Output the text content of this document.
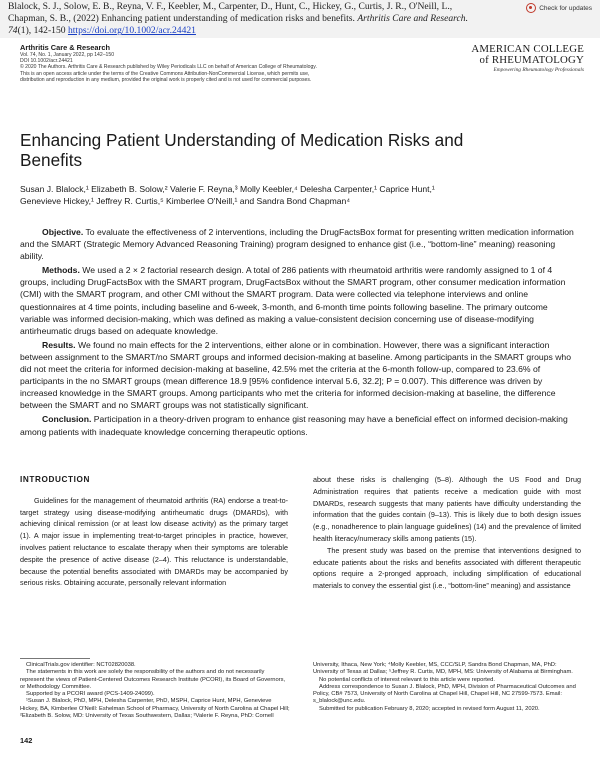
Blalock, S. J., Solow, E. B., Reyna, V. F., Keebler, M., Carpenter, D., Hunt, C., Hickey, G., Curtis, J. R., O'Neill, L.,
Chapman, S. B., (2022) Enhancing patient understanding of medication risks and benefits. Arthritis Care and Research.
74(1), 142-150 https://doi.org/10.1002/acr.24421
Check for updates
Arthritis Care & Research
Vol. 74, No. 1, January 2022, pp 142–150
DOI 10.1002/acr.24421
© 2020 The Authors. Arthritis Care & Research published by Wiley Periodicals LLC on behalf of American College of Rheumatology.
This is an open access article under the terms of the Creative Commons Attribution-NonCommercial License, which permits use,
distribution and reproduction in any medium, provided the original work is properly cited and is not used for commercial purposes.
AMERICAN COLLEGE
of RHEUMATOLOGY
Empowering Rheumatology Professionals
Enhancing Patient Understanding of Medication Risks and Benefits
Susan J. Blalock,¹ Elizabeth B. Solow,² Valerie F. Reyna,³ Molly Keebler,⁴ Delesha Carpenter,¹ Caprice Hunt,¹
Genevieve Hickey,¹ Jeffrey R. Curtis,⁵ Kimberlee O'Neill,¹ and Sandra Bond Chapman⁴

Objective. To evaluate the effectiveness of 2 interventions, including the DrugFactsBox format for presenting written medication information and the SMART (Strategic Memory Advanced Reasoning Training) program designed to enhance gist (i.e., “bottom-line” meaning) reasoning ability.

Methods. We used a 2 × 2 factorial research design. A total of 286 patients with rheumatoid arthritis were randomly assigned to 1 of 4 groups, including DrugFactsBox with the SMART program, DrugFactsBox without the SMART program, other consumer medication information (CMI) with the SMART program, and other CMI without the SMART program. Data were collected via telephone interviews and online questionnaires at 4 time points, including baseline and 6-week, 3-month, and 6-month time points following baseline. The primary outcome variable was informed decision-making, which was defined as making a value-consistent decision concerning use of disease-modifying antirheumatic drugs based on adequate knowledge.

Results. We found no main effects for the 2 interventions, either alone or in combination. However, there was a significant interaction between assignment to the SMART/no SMART groups and informed decision-making at baseline. Among participants in the SMART groups who did not meet the criteria for informed decision-making at baseline, 42.5% met the criteria at the 6-month follow-up, compared to 23.6% of participants in the no SMART groups (mean difference 18.9 [95% confidence interval 5.6, 32.2]; P = 0.007). This difference was driven by increased knowledge in the SMART groups. Among participants who met the criteria for informed decision-making at baseline, the difference between the SMART and no SMART groups was not statistically significant.

Conclusion. Participation in a theory-driven program to enhance gist reasoning may have a beneficial effect on informed decision-making among patients with inadequate knowledge concerning therapeutic options.

INTRODUCTION

Guidelines for the management of rheumatoid arthritis (RA) endorse a treat-to-target strategy using disease-modifying antirheumatic drugs (DMARDs), with achieving clinical remission (or at least low disease activity) as the primary target (1). A major issue in implementing treat-to-target principles in practice, however, involves patient reluctance to escalate therapy when their symptoms are tolerable despite the presence of active disease (2–4). This reluctance is understandable, because the potential benefits associated with DMARDs may be accompanied by serious risks. Obtaining accurate, personally relevant information

about these risks is challenging (5–8). Although the US Food and Drug Administration requires that patients receive a medication guide with most DMARDs, research suggests that many patients have difficulty understanding the information that the guides contain (9–13). This is likely due to both design issues (e.g., nonadherence to plain language guidelines) (14) and the prevalence of limited health literacy/numeracy skills among patients (15).

The present study was based on the premise that interventions designed to educate patients about the risks and benefits associated with different therapeutic options require a 2-pronged approach, including simplification of educational materials to convey the essential gist (i.e., “bottom-line” meaning) and assistance

ClinicalTrials.gov identifier: NCT02820038.
The statements in this work are solely the responsibility of the authors and do not necessarily represent the views of Patient-Centered Outcomes Research Institute (PCORI), its Board of Governors, or Methodology Committee.
Supported by a PCORI award (PCS-1409-24099).
¹Susan J. Blalock, PhD, MPH, Delesha Carpenter, PhD, MSPH, Caprice Hunt, MPH, Genevieve Hickey, BA, Kimberlee O'Neill: Eshelman School of Pharmacy, University of North Carolina at Chapel Hill; ²Elizabeth B. Solow, MD: University of Texas Southwestern, Dallas; ³Valerie F. Reyna, PhD: Cornell
University, Ithaca, New York; ⁴Molly Keebler, MS, CCC/SLP, Sandra Bond Chapman, MA, PhD: University of Texas at Dallas; ⁵Jeffrey R. Curtis, MD, MPH, MS: University of Alabama at Birmingham.
No potential conflicts of interest relevant to this article were reported.
Address correspondence to Susan J. Blalock, PhD, MPH, Division of Pharmaceutical Outcomes and Policy, CB# 7573, University of North Carolina at Chapel Hill, Chapel Hill, NC 27599-7573. Email: s_blalock@unc.edu.
Submitted for publication February 8, 2020; accepted in revised form August 11, 2020.
142
